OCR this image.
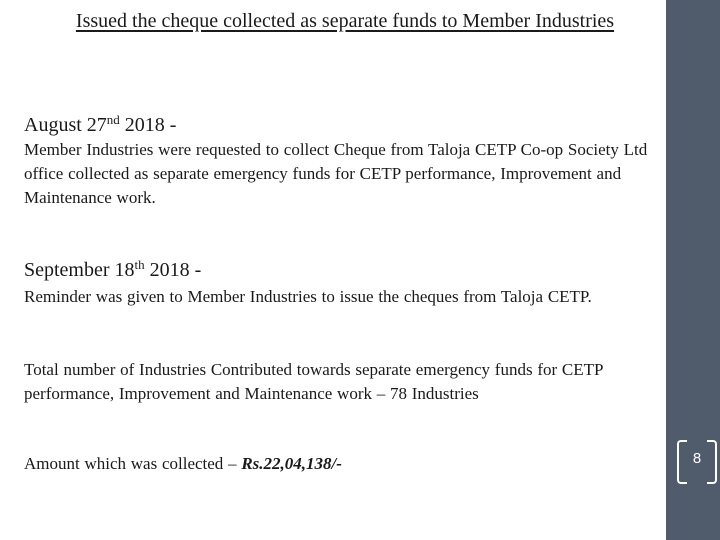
Issued the cheque collected as separate funds to Member Industries
August 27nd 2018 -
Member Industries were requested to collect Cheque from Taloja CETP Co-op Society Ltd office collected as separate emergency funds for CETP performance, Improvement and Maintenance work.
September 18th 2018 -
Reminder was given to Member Industries to issue the cheques from Taloja CETP.
Total number of Industries Contributed towards separate emergency funds for CETP performance, Improvement and Maintenance work – 78 Industries
Amount which was collected – Rs.22,04,138/-	8
